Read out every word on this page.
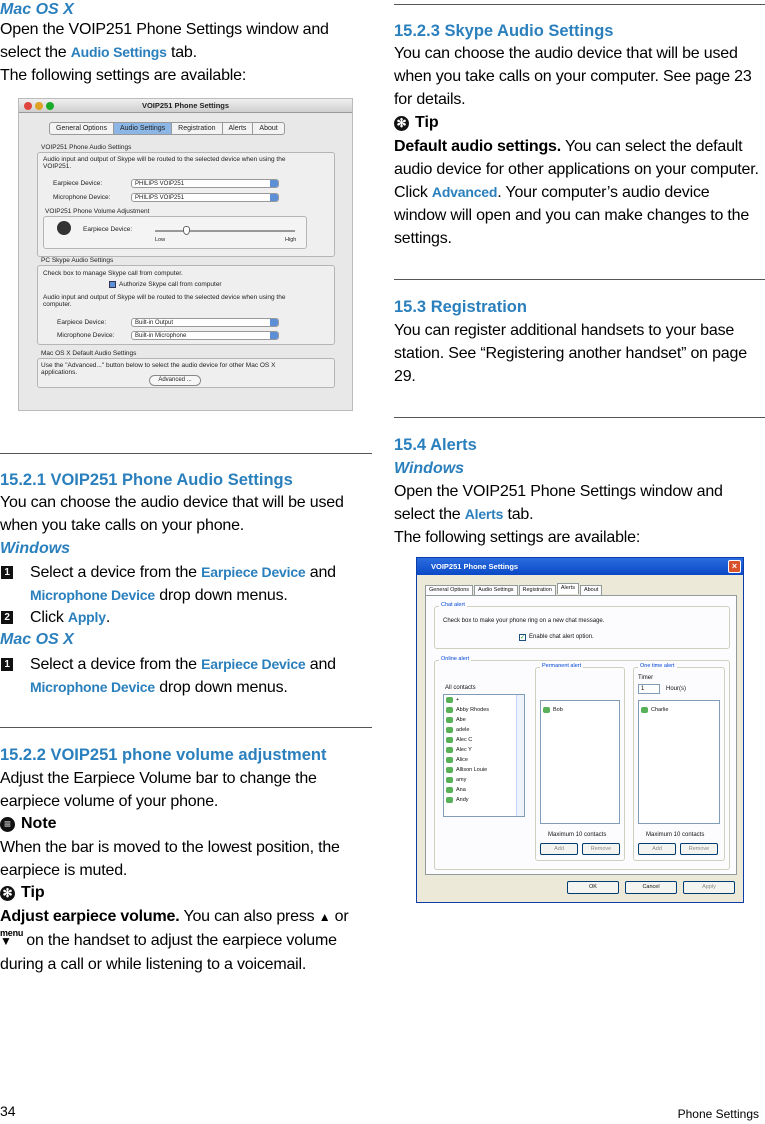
Mac OS X
Open the VOIP251 Phone Settings window and select the Audio Settings tab.
The following settings are available:
15.2.1 VOIP251 Phone Audio Settings
You can choose the audio device that will be used when you take calls on your phone.
Windows
1 Select a device from the Earpiece Device and Microphone Device drop down menus.
2 Click Apply.
Mac OS X
1 Select a device from the Earpiece Device and Microphone Device drop down menus.
15.2.2 VOIP251 phone volume adjustment
Adjust the Earpiece Volume bar to change the earpiece volume of your phone.
≡ Note
When the bar is moved to the lowest position, the earpiece is muted.
✻ Tip
Adjust earpiece volume. You can also press ▲ or
menu
▼ on the handset to adjust the earpiece volume during a call or while listening to a voicemail.
VOIP251 Phone Settings
General Options	Audio Settings	Registration	Alerts	About
VOIP251 Phone Audio Settings
Audio input and output of Skype will be routed to the selected device when using the VOIP251.
Earpiece Device:	PHILIPS VOIP251
Microphone Device:	PHILIPS VOIP251
VOIP251 Phone Volume Adjustment
Earpiece Device:
Low	High
PC Skype Audio Settings
Check box to manage Skype call from computer.
Authorize Skype call from computer
Audio input and output of Skype will be routed to the selected device when using the computer.
Earpiece Device:	Built-in Output
Microphone Device:	Built-in Microphone
Mac OS X Default Audio Settings
Use the "Advanced..." button below to select the audio device for other Mac OS X applications.
Advanced ...
15.2.3 Skype Audio Settings
You can choose the audio device that will be used when you take calls on your computer. See page 23 for details.
✻ Tip
Default audio settings. You can select the default audio device for other applications on your computer. Click Advanced. Your computer’s audio device window will open and you can make changes to the settings.
15.3 Registration
You can register additional handsets to your base station. See “Registering another handset” on page 29.
15.4 Alerts
Windows
Open the VOIP251 Phone Settings window and select the Alerts tab.
The following settings are available:
VOIP251 Phone Settings	×
General Options	Audio Settings	Registration	Alerts	About
Chat alert
Check box to make your phone ring on a new chat message.
✓ Enable chat alert option.
Online alert
All contacts
+
Abby Rhodes
Abe
adele
Alec C
Alec Y
Alice
Allison Louie
amy
Ana
Andy
Permanent alert
Bob
Maximum 10 contacts
Add	Remove
One time alert
Timer
1	Hour(s)
Charlie
Maximum 10 contacts
Add	Remove
OK	Cancel	Apply
34	Phone Settings
